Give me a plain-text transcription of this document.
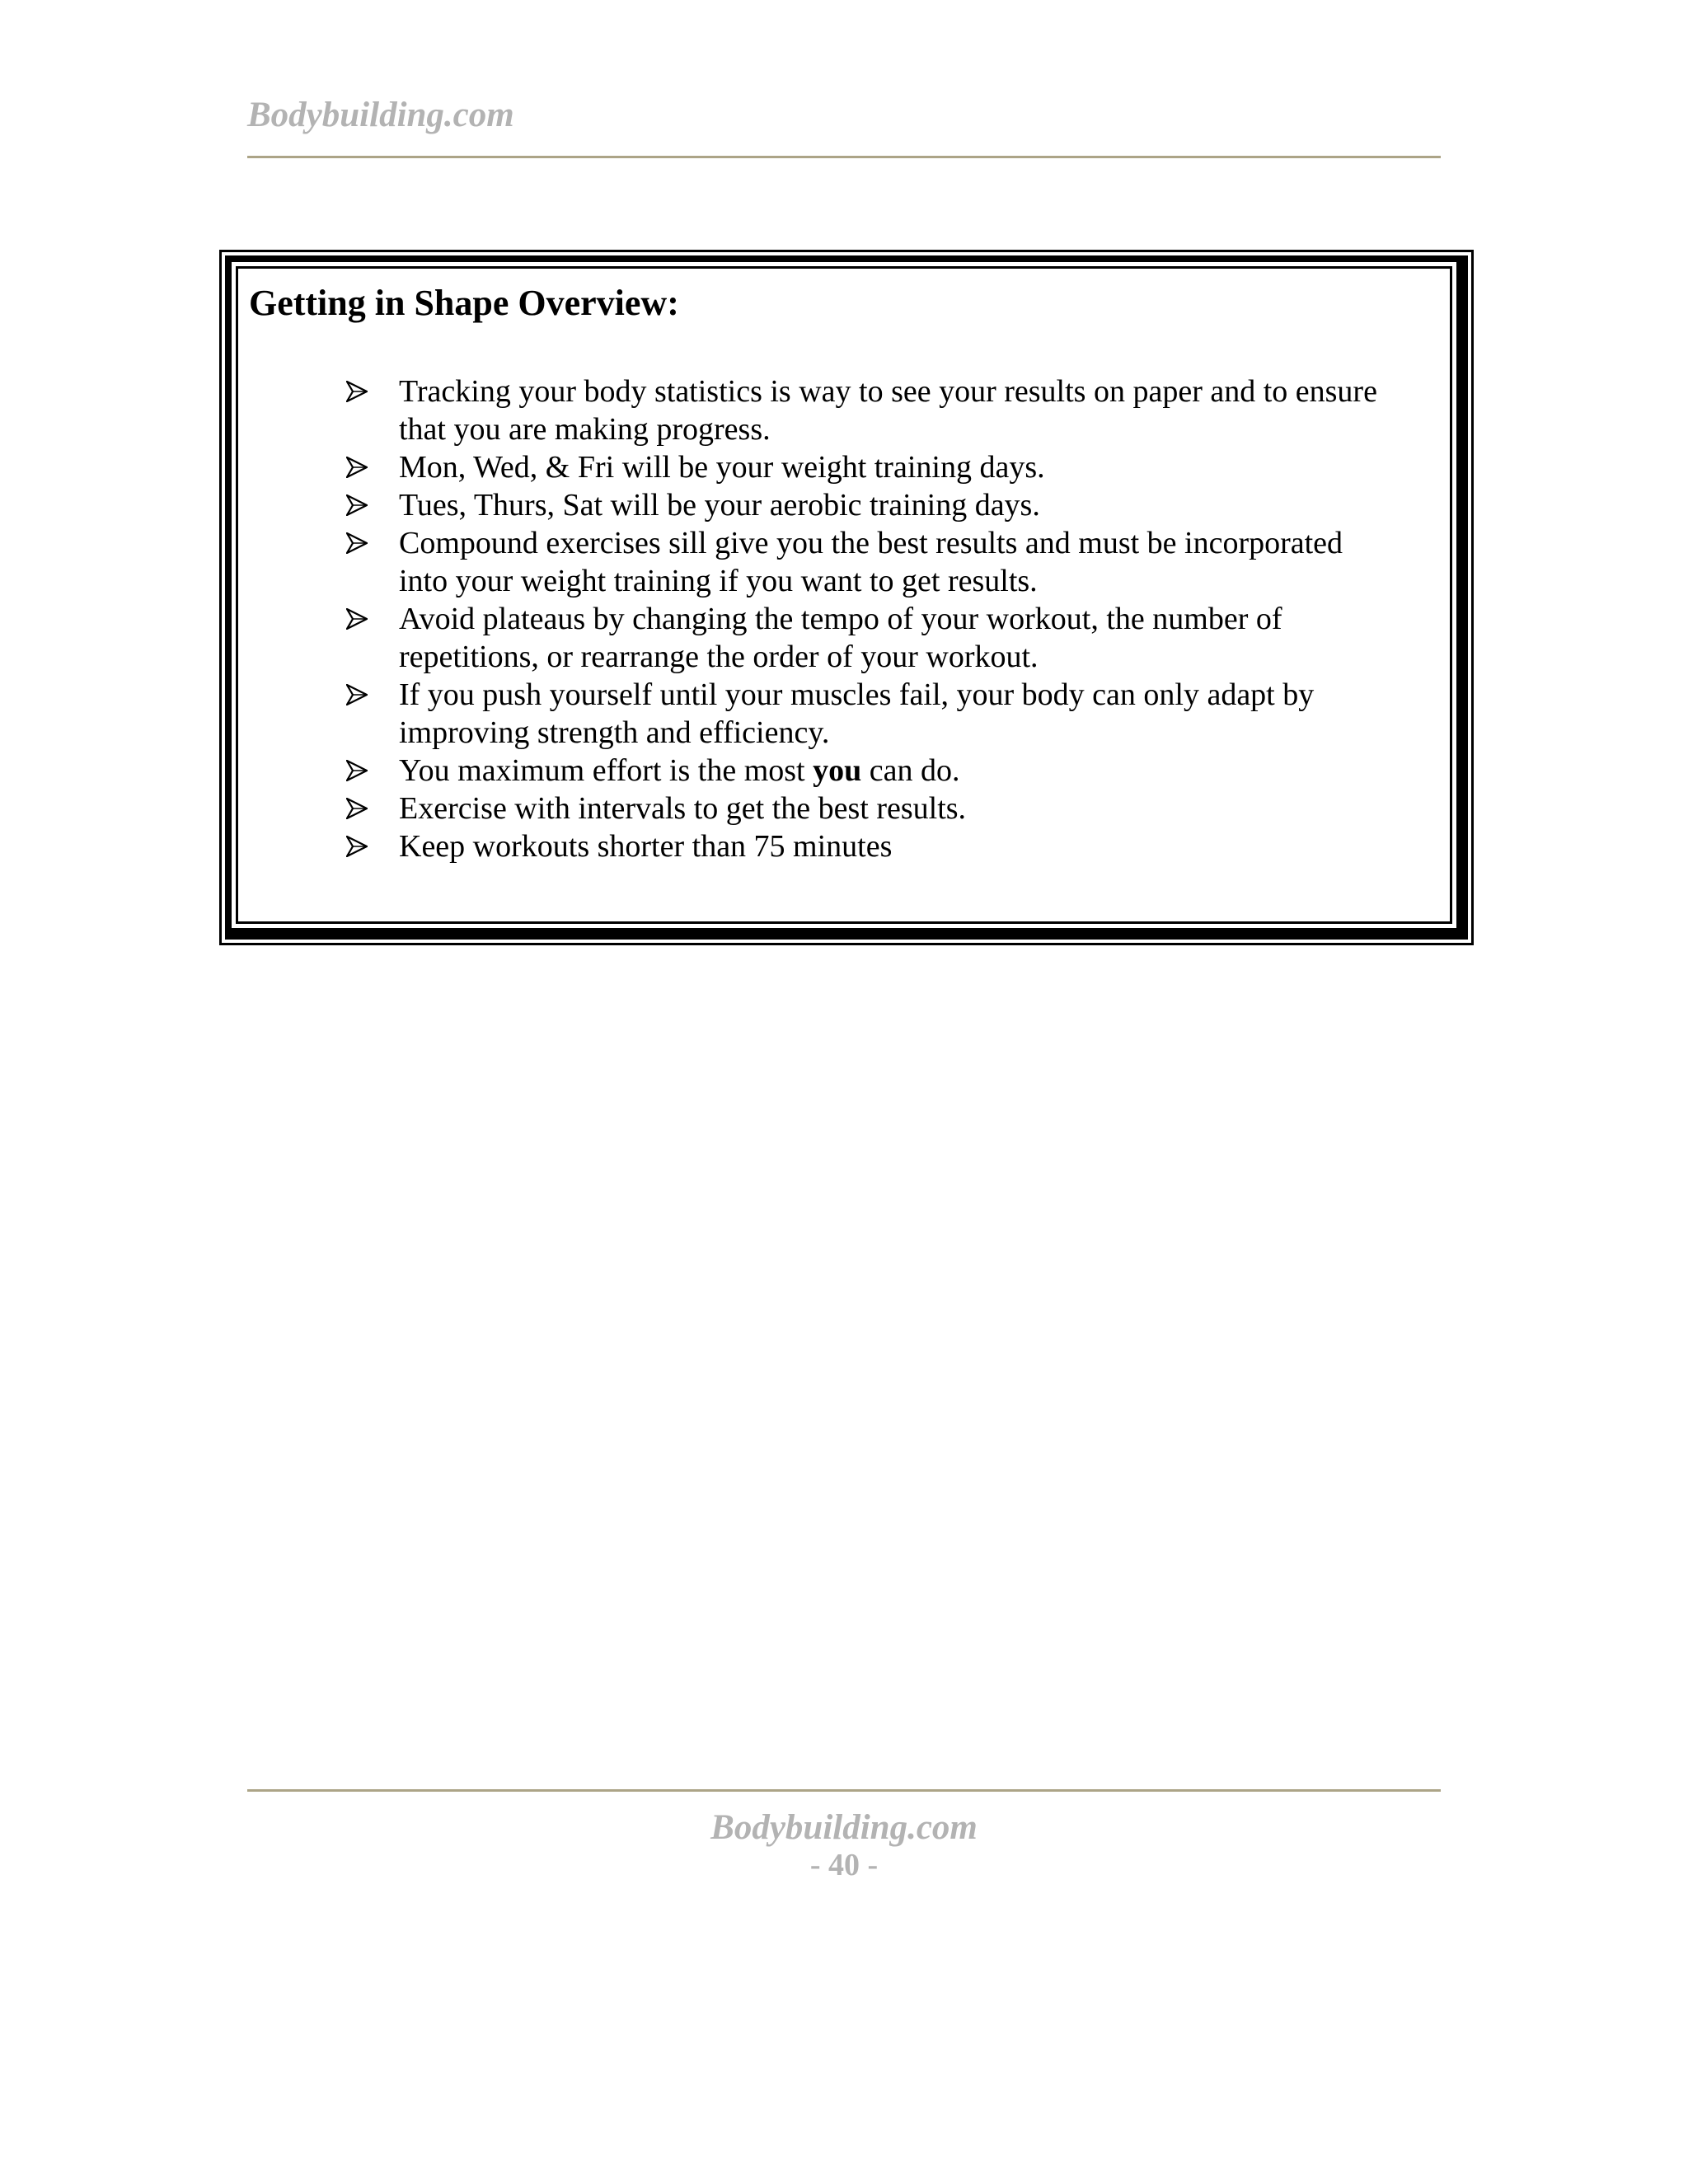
Bodybuilding.com
Getting in Shape Overview:
Tracking your body statistics is way to see your results on paper and to ensure
that you are making progress.
Mon, Wed, & Fri will be your weight training days.
Tues, Thurs, Sat will be your aerobic training days.
Compound exercises sill give you the best results and must be incorporated
into your weight training if you want to get results.
Avoid plateaus by changing the tempo of your workout, the number of
repetitions, or rearrange the order of your workout.
If you push yourself until your muscles fail, your body can only adapt by
improving strength and efficiency.
You maximum effort is the most you can do.
Exercise with intervals to get the best results.
Keep workouts shorter than 75 minutes
Bodybuilding.com
- 40 -
